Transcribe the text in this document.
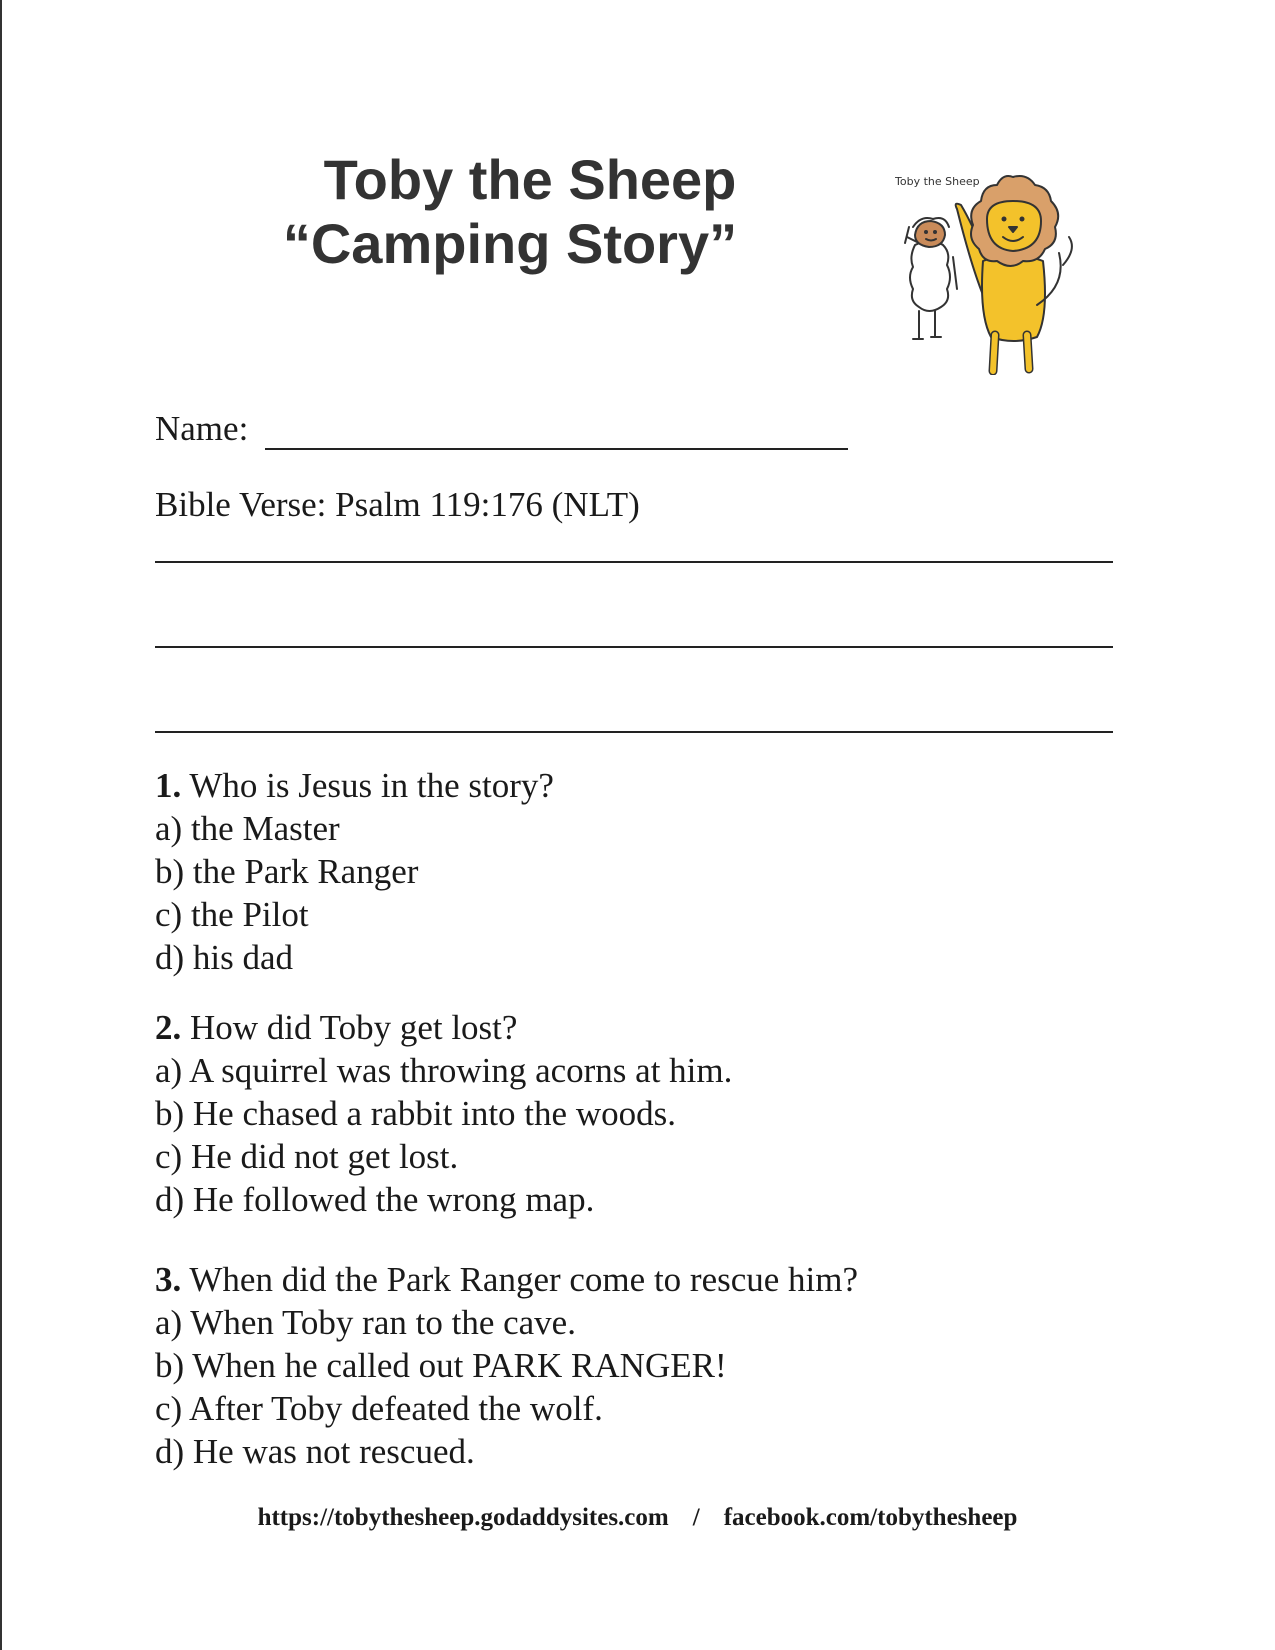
Toby the Sheep
“Camping Story”
Toby the Sheep
Name:
Bible Verse: Psalm 119:176 (NLT)
1. Who is Jesus in the story?
a) the Master
b) the Park Ranger
c) the Pilot
d) his dad
2. How did Toby get lost?
a) A squirrel was throwing acorns at him.
b) He chased a rabbit into the woods.
c) He did not get lost.
d) He followed the wrong map.
3. When did the Park Ranger come to rescue him?
a) When Toby ran to the cave.
b) When he called out PARK RANGER!
c) After Toby defeated the wolf.
d) He was not rescued.
https://tobythesheep.godaddysites.com / facebook.com/tobythesheep
